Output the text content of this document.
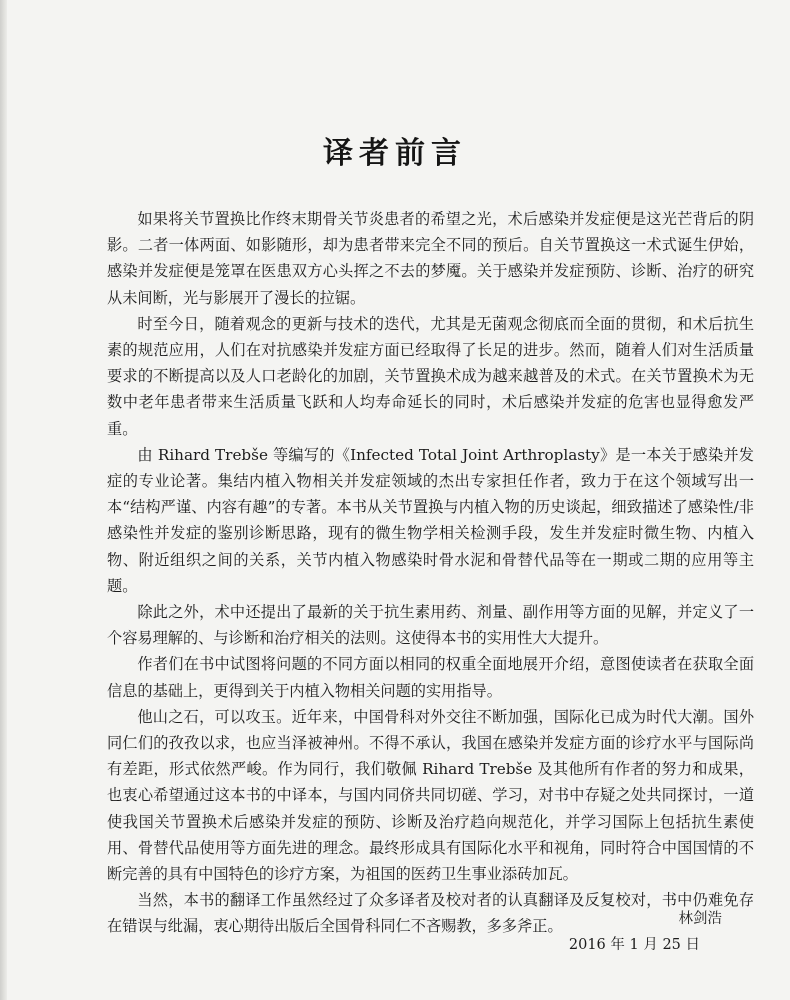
译者前言

如果将关节置换比作终末期骨关节炎患者的希望之光，术后感染并发症便是这光芒背后的阴影。二者一体两面、如影随形，却为患者带来完全不同的预后。自关节置换这一术式诞生伊始，感染并发症便是笼罩在医患双方心头挥之不去的梦魇。关于感染并发症预防、诊断、治疗的研究从未间断，光与影展开了漫长的拉锯。

时至今日，随着观念的更新与技术的迭代，尤其是无菌观念彻底而全面的贯彻，和术后抗生素的规范应用，人们在对抗感染并发症方面已经取得了长足的进步。然而，随着人们对生活质量要求的不断提高以及人口老龄化的加剧，关节置换术成为越来越普及的术式。在关节置换术为无数中老年患者带来生活质量飞跃和人均寿命延长的同时，术后感染并发症的危害也显得愈发严重。

由 Rihard Trebše 等编写的《Infected Total Joint Arthroplasty》是一本关于感染并发症的专业论著。集结内植入物相关并发症领域的杰出专家担任作者，致力于在这个领域写出一本“结构严谨、内容有趣”的专著。本书从关节置换与内植入物的历史谈起，细致描述了感染性/非感染性并发症的鉴别诊断思路，现有的微生物学相关检测手段，发生并发症时微生物、内植入物、附近组织之间的关系，关节内植入物感染时骨水泥和骨替代品等在一期或二期的应用等主题。

除此之外，术中还提出了最新的关于抗生素用药、剂量、副作用等方面的见解，并定义了一个容易理解的、与诊断和治疗相关的法则。这使得本书的实用性大大提升。

作者们在书中试图将问题的不同方面以相同的权重全面地展开介绍，意图使读者在获取全面信息的基础上，更得到关于内植入物相关问题的实用指导。

他山之石，可以攻玉。近年来，中国骨科对外交往不断加强，国际化已成为时代大潮。国外同仁们的孜孜以求，也应当泽被神州。不得不承认，我国在感染并发症方面的诊疗水平与国际尚有差距，形式依然严峻。作为同行，我们敬佩 Rihard Trebše 及其他所有作者的努力和成果，也衷心希望通过这本书的中译本，与国内同侪共同切磋、学习，对书中存疑之处共同探讨，一道使我国关节置换术后感染并发症的预防、诊断及治疗趋向规范化，并学习国际上包括抗生素使用、骨替代品使用等方面先进的理念。最终形成具有国际化水平和视角，同时符合中国国情的不断完善的具有中国特色的诊疗方案，为祖国的医药卫生事业添砖加瓦。

当然，本书的翻译工作虽然经过了众多译者及校对者的认真翻译及反复校对，书中仍难免存在错误与纰漏，衷心期待出版后全国骨科同仁不吝赐教，多多斧正。	林剑浩
2016 年 1 月 25 日
